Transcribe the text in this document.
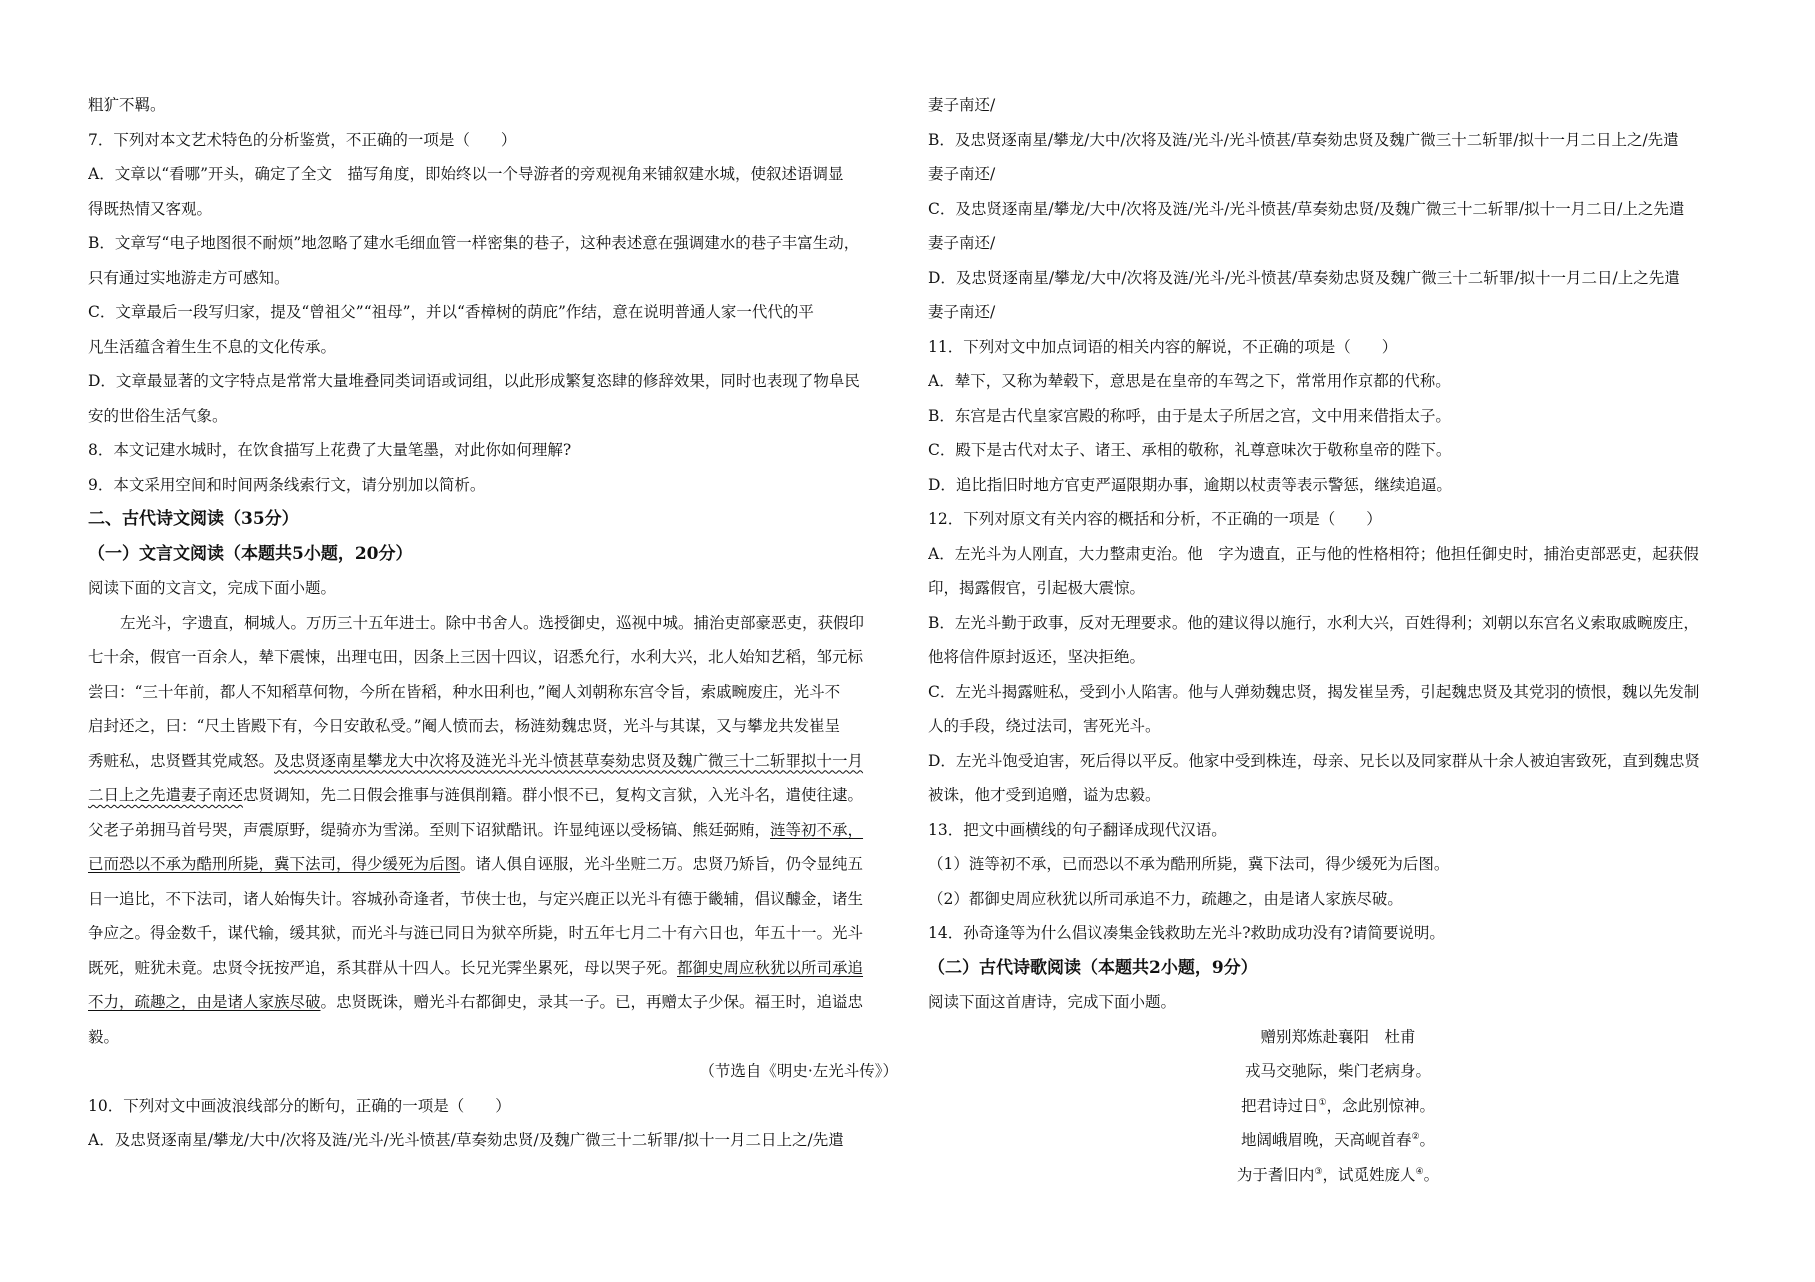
粗犷不羁。
7．下列对本文艺术特色的分析鉴赏，不正确的一项是（　　）
A．文章以“看哪”开头，确定了全文　描写角度，即始终以一个导游者的旁观视角来铺叙建水城，使叙述语调显
得既热情又客观。
B．文章写“电子地图很不耐烦”地忽略了建水毛细血管一样密集的巷子，这种表述意在强调建水的巷子丰富生动，
只有通过实地游走方可感知。
C．文章最后一段写归家，提及“曾祖父”“祖母”，并以“香樟树的荫庇”作结，意在说明普通人家一代代的平
凡生活蕴含着生生不息的文化传承。
D．文章最显著的文字特点是常常大量堆叠同类词语或词组，以此形成繁复恣肆的修辞效果，同时也表现了物阜民
安的世俗生活气象。
8．本文记建水城时，在饮食描写上花费了大量笔墨，对此你如何理解?
9．本文采用空间和时间两条线索行文，请分别加以简析。
二、古代诗文阅读（35分）
（一）文言文阅读（本题共5小题，20分）
阅读下面的文言文，完成下面小题。
左光斗，字遗直，桐城人。万历三十五年进士。除中书舍人。选授御史，巡视中城。捕治吏部豪恶吏，获假印
七十余，假官一百余人，辇下震悚，出理屯田，因条上三因十四议，诏悉允行，水利大兴，北人始知艺稻，邹元标
尝曰：“三十年前，都人不知稻草何物，今所在皆稻，种水田利也，”阉人刘朝称东宫令旨，索戚畹废庄，光斗不
启封还之，曰：“尺土皆殿下有，今日安敢私受。”阉人愤而去，杨涟劾魏忠贤，光斗与其谋，又与攀龙共发崔呈
秀赃私，忠贤暨其党咸怒。及忠贤逐南星攀龙大中次将及涟光斗光斗愤甚草奏劾忠贤及魏广微三十二斩罪拟十一月
二日上之先遣妻子南还忠贤调知，先二日假会推事与涟俱削籍。群小恨不已，复构文言狱，入光斗名，遣使往逮。
父老子弟拥马首号哭，声震原野，缇骑亦为雪涕。至则下诏狱酷讯。许显纯诬以受杨镐、熊廷弼贿，涟等初不承，
已而恐以不承为酷刑所毙，冀下法司，得少缓死为后图。诸人俱自诬服，光斗坐赃二万。忠贤乃矫旨，仍令显纯五
日一追比，不下法司，诸人始悔失计。容城孙奇逢者，节侠士也，与定兴鹿正以光斗有德于畿辅，倡议醵金，诸生
争应之。得金数千，谋代输，缓其狱，而光斗与涟已同日为狱卒所毙，时五年七月二十有六日也，年五十一。光斗
既死，赃犹未竟。忠贤令抚按严追，系其群从十四人。长兄光霁坐累死，母以哭子死。都御史周应秋犹以所司承追
不力，疏趣之，由是诸人家族尽破。忠贤既诛，赠光斗右都御史，录其一子。已，再赠太子少保。福王时，追谥忠
毅。
（节选自《明史·左光斗传》）
10．下列对文中画波浪线部分的断句，正确的一项是（　　）
A．及忠贤逐南星/攀龙/大中/次将及涟/光斗/光斗愤甚/草奏劾忠贤/及魏广微三十二斩罪/拟十一月二日上之/先遣
妻子南还/
B．及忠贤逐南星/攀龙/大中/次将及涟/光斗/光斗愤甚/草奏劾忠贤及魏广微三十二斩罪/拟十一月二日上之/先遣
妻子南还/
C．及忠贤逐南星/攀龙/大中/次将及涟/光斗/光斗愤甚/草奏劾忠贤/及魏广微三十二斩罪/拟十一月二日/上之先遣
妻子南还/
D．及忠贤逐南星/攀龙/大中/次将及涟/光斗/光斗愤甚/草奏劾忠贤及魏广微三十二斩罪/拟十一月二日/上之先遣
妻子南还/
11．下列对文中加点词语的相关内容的解说，不正确的项是（　　）
A．辇下，又称为辇毂下，意思是在皇帝的车驾之下，常常用作京都的代称。
B．东宫是古代皇家宫殿的称呼，由于是太子所居之宫，文中用来借指太子。
C．殿下是古代对太子、诸王、承相的敬称，礼尊意味次于敬称皇帝的陛下。
D．追比指旧时地方官吏严逼限期办事，逾期以杖责等表示警惩，继续追逼。
12．下列对原文有关内容的概括和分析，不正确的一项是（　　）
A．左光斗为人刚直，大力整肃吏治。他　字为遗直，正与他的性格相符；他担任御史时，捕治吏部恶吏，起获假
印，揭露假官，引起极大震惊。
B．左光斗勤于政事，反对无理要求。他的建议得以施行，水利大兴，百姓得利；刘朝以东宫名义索取戚畹废庄，
他将信件原封返还，坚决拒绝。
C．左光斗揭露赃私，受到小人陷害。他与人弹劾魏忠贤，揭发崔呈秀，引起魏忠贤及其党羽的愤恨，魏以先发制
人的手段，绕过法司，害死光斗。
D．左光斗饱受迫害，死后得以平反。他家中受到株连，母亲、兄长以及同家群从十余人被迫害致死，直到魏忠贤
被诛，他才受到追赠，谥为忠毅。
13．把文中画横线的句子翻译成现代汉语。
（1）涟等初不承，已而恐以不承为酷刑所毙，冀下法司，得少缓死为后图。
（2）都御史周应秋犹以所司承追不力，疏趣之，由是诸人家族尽破。
14．孙奇逢等为什么倡议凑集金钱救助左光斗?救助成功没有?请简要说明。
（二）古代诗歌阅读（本题共2小题，9分）
阅读下面这首唐诗，完成下面小题。
赠别郑炼赴襄阳　杜甫
戎马交驰际，柴门老病身。
把君诗过日①，念此别惊神。
地阔峨眉晚，天高岘首春②。
为于耆旧内③，试觅姓庞人④。
